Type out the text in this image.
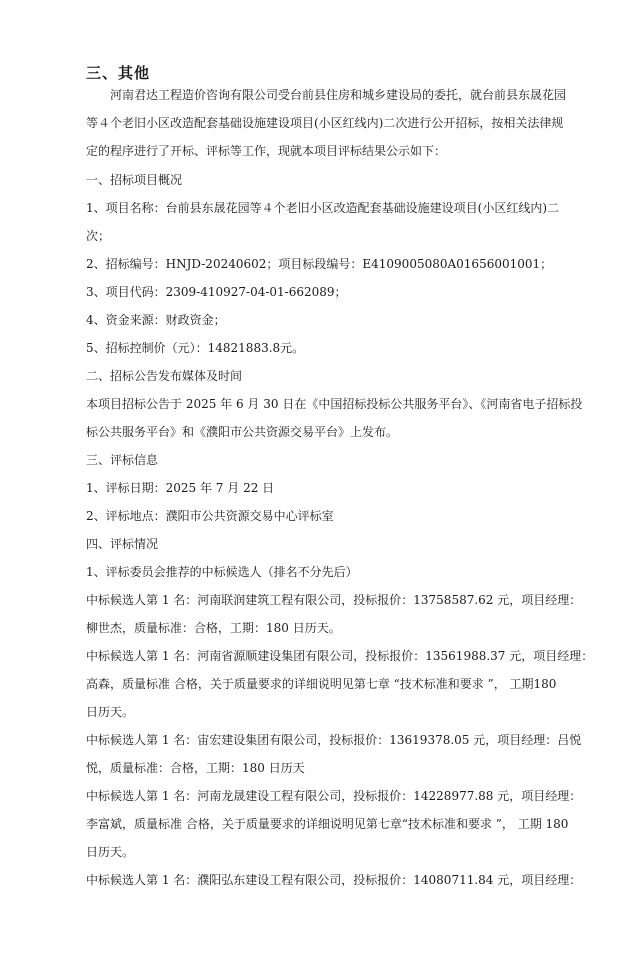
三、其他
河南君达工程造价咨询有限公司受台前县住房和城乡建设局的委托，就台前县东晟花园
等４个老旧小区改造配套基础设施建设项目(小区红线内)二次进行公开招标，按相关法律规
定的程序进行了开标、评标等工作，现就本项目评标结果公示如下：
一、招标项目概况
1、项目名称：台前县东晟花园等４个老旧小区改造配套基础设施建设项目(小区红线内)二
次；
2、招标编号：HNJD-20240602；项目标段编号：E4109005080A01656001001；
3、项目代码：2309-410927-04-01-662089；
4、资金来源：财政资金；
5、招标控制价（元）：14821883.8元。
二、招标公告发布媒体及时间
本项目招标公告于 2025 年 6 月 30 日在《中国招标投标公共服务平台》、《河南省电子招标投
标公共服务平台》和《濮阳市公共资源交易平台》上发布。
三、评标信息
1、评标日期：2025 年 7 月 22 日
2、评标地点：濮阳市公共资源交易中心评标室
四、评标情况
1、评标委员会推荐的中标候选人（排名不分先后）
中标候选人第 1 名：河南联润建筑工程有限公司，投标报价：13758587.62 元，项目经理：
柳世杰，质量标准：合格，工期：180 日历天。
中标候选人第 1 名：河南省源顺建设集团有限公司，投标报价：13561988.37 元，项目经理：
高森，质量标准 合格，关于质量要求的详细说明见第七章 “技术标准和要求 ”， 工期180
日历天。
中标候选人第 1 名：宙宏建设集团有限公司，投标报价：13619378.05 元，项目经理：吕悦
悦，质量标准：合格，工期：180 日历天
中标候选人第 1 名：河南龙晟建设工程有限公司，投标报价：14228977.88 元，项目经理：
李富斌，质量标准 合格，关于质量要求的详细说明见第七章“技术标准和要求 ”， 工期 180
日历天。
中标候选人第 1 名：濮阳弘东建设工程有限公司，投标报价：14080711.84 元，项目经理：
